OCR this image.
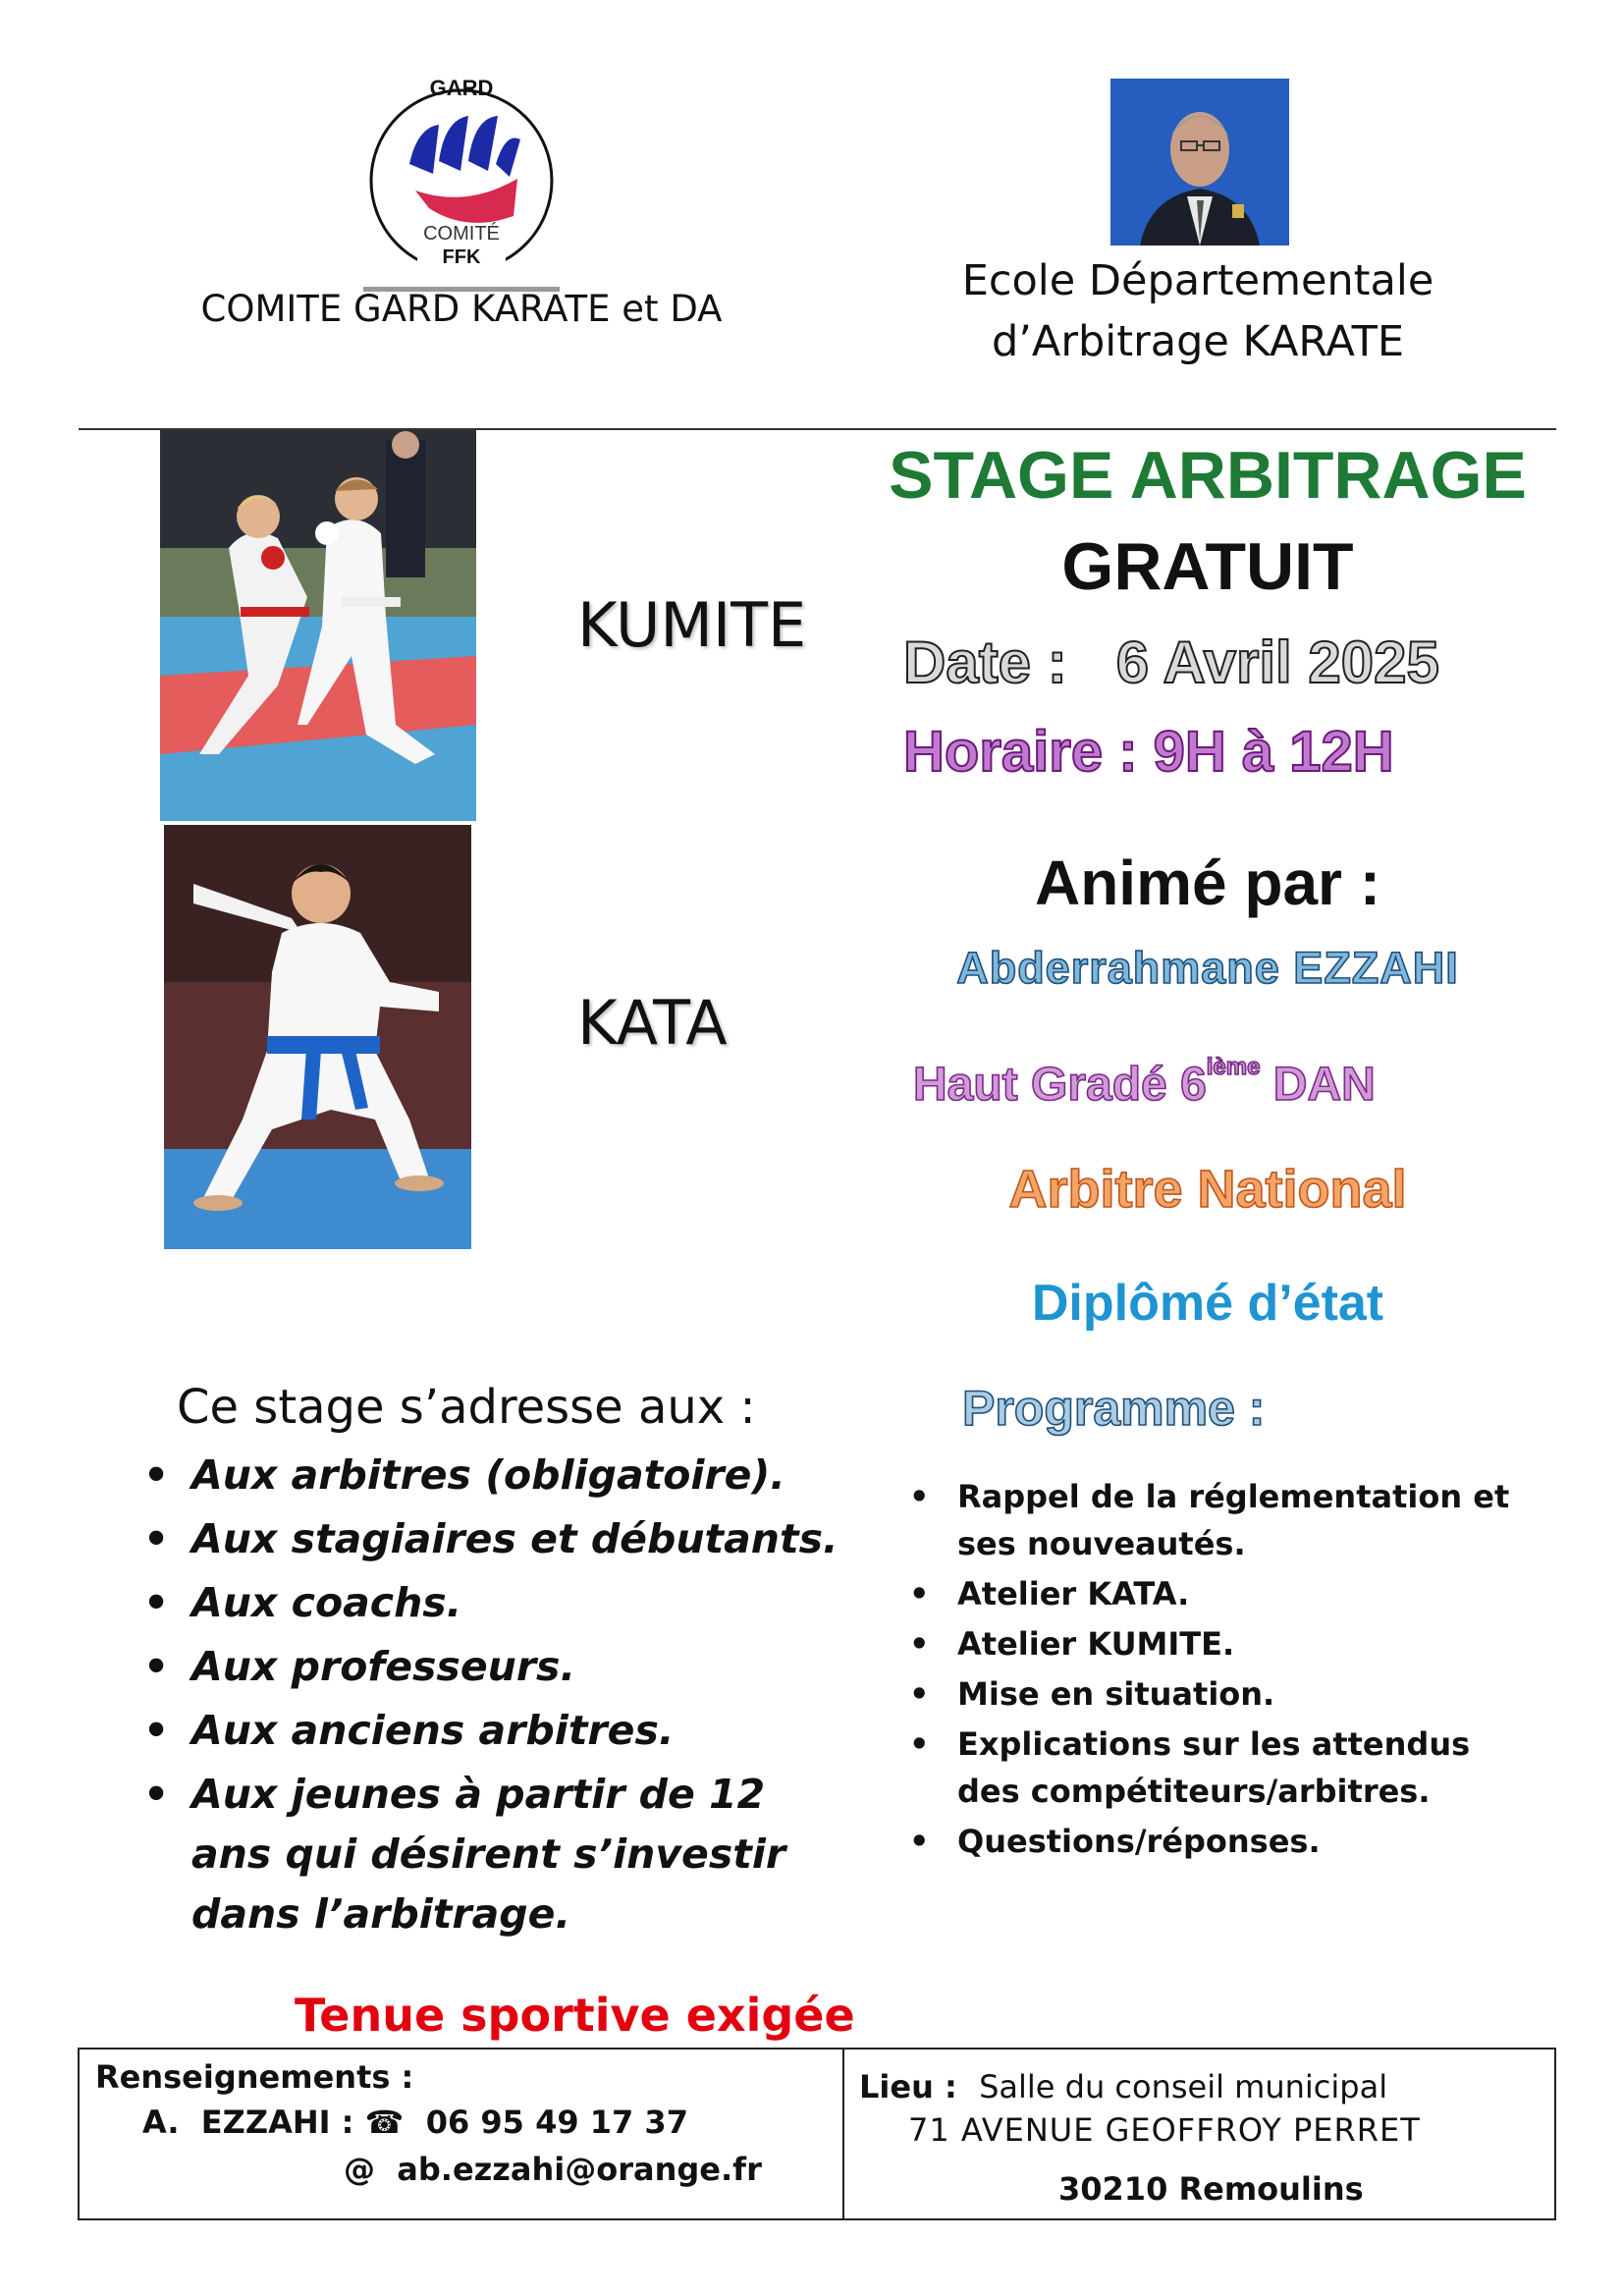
GARD
COMITÉ
FFK
COMITE GARD KARATE et DA
Ecole Départementale
d’Arbitrage KARATE
KUMITE
KATA
STAGE ARBITRAGE
GRATUIT
Date : 6 Avril 2025
Horaire : 9H à 12H
Animé par :
Abderrahmane EZZAHI
Haut Gradé 6ième DAN
Arbitre National
Diplômé d’état
Ce stage s’adresse aux :
• Aux arbitres (obligatoire).
• Aux stagiaires et débutants.
• Aux coachs.
• Aux professeurs.
• Aux anciens arbitres.
• Aux jeunes à partir de 12 ans qui désirent s’investir dans l’arbitrage.
Programme :
• Rappel de la réglementation et ses nouveautés.
• Atelier KATA.
• Atelier KUMITE.
• Mise en situation.
• Explications sur les attendus des compétiteurs/arbitres.
• Questions/réponses.
Tenue sportive exigée
Renseignements :
A.  EZZAHI : ☎ 06 95 49 17 37
@ ab.ezzahi@orange.fr
Lieu : Salle du conseil municipal
71 AVENUE GEOFFROY PERRET
30210 Remoulins
